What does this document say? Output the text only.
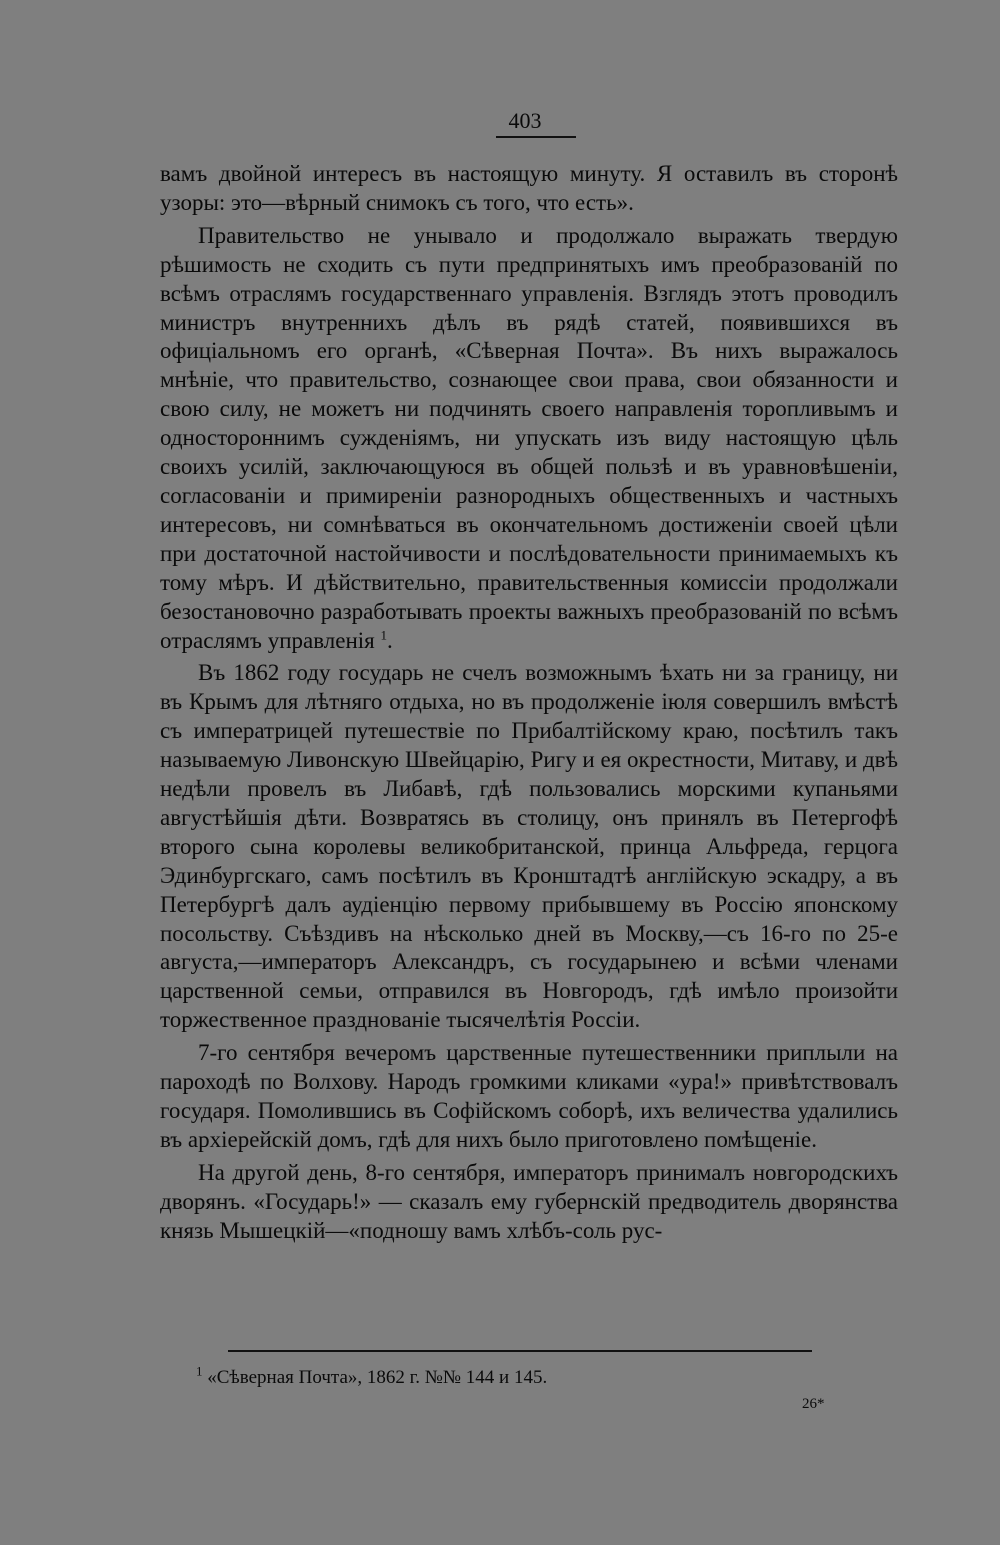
403

вамъ двойной интересъ въ настоящую минуту. Я оставилъ въ сторонѣ узоры: это—вѣрный снимокъ съ того, что есть».

Правительство не унывало и продолжало выражать твердую рѣшимость не сходить съ пути предпринятыхъ имъ преобразованій по всѣмъ отраслямъ государственнаго управленія. Взглядъ этотъ проводилъ министръ внутреннихъ дѣлъ въ рядѣ статей, появившихся въ офиціальномъ его органѣ, «Сѣверная Почта». Въ нихъ выражалось мнѣніе, что правительство, сознающее свои права, свои обязанности и свою силу, не можетъ ни подчинять своего направленія торопливымъ и одностороннимъ сужденіямъ, ни упускать изъ виду настоящую цѣль своихъ усилій, заключающуюся въ общей пользѣ и въ уравновѣшеніи, согласованіи и примиреніи разнородныхъ общественныхъ и частныхъ интересовъ, ни сомнѣваться въ окончательномъ достиженіи своей цѣли при достаточной настойчивости и послѣдовательности принимаемыхъ къ тому мѣръ. И дѣйствительно, правительственныя комиссіи продолжали безостановочно разработывать проекты важныхъ преобразованій по всѣмъ отраслямъ управленія $^1$.

Въ 1862 году государь не счелъ возможнымъ ѣхать ни за границу, ни въ Крымъ для лѣтняго отдыха, но въ продолженіе іюля совершилъ вмѣстѣ съ императрицей путешествіе по Прибалтійскому краю, посѣтилъ такъ называемую Ливонскую Швейцарію, Ригу и ея окрестности, Митаву, и двѣ недѣли провелъ въ Либавѣ, гдѣ пользовались морскими купаньями августѣйшія дѣти. Возвратясь въ столицу, онъ принялъ въ Петергофѣ второго сына королевы великобританской, принца Альфреда, герцога Эдинбургскаго, самъ посѣтилъ въ Кронштадтѣ англійскую эскадру, а въ Петербургѣ далъ аудіенцію первому прибывшему въ Россію японскому посольству. Съѣздивъ на нѣсколько дней въ Москву,—съ 16-го по 25-е августа,—императоръ Александръ, съ государынею и всѣми членами царственной семьи, отправился въ Новгородъ, гдѣ имѣло произойти торжественное празднованіе тысячелѣтія Россіи.

7-го сентября вечеромъ царственные путешественники приплыли на пароходѣ по Волхову. Народъ громкими кликами «ура!» привѣтствовалъ государя. Помолившись въ Софійскомъ соборѣ, ихъ величества удалились въ архіерейскій домъ, гдѣ для нихъ было приготовлено помѣщеніе.

На другой день, 8-го сентября, императоръ принималъ новгородскихъ дворянъ. «Государь!» — сказалъ ему губернскій предводитель дворянства князь Мышецкій—«подношу вамъ хлѣбъ-соль рус-

$^1$ «Сѣверная Почта», 1862 г. №№ 144 и 145.
26*
